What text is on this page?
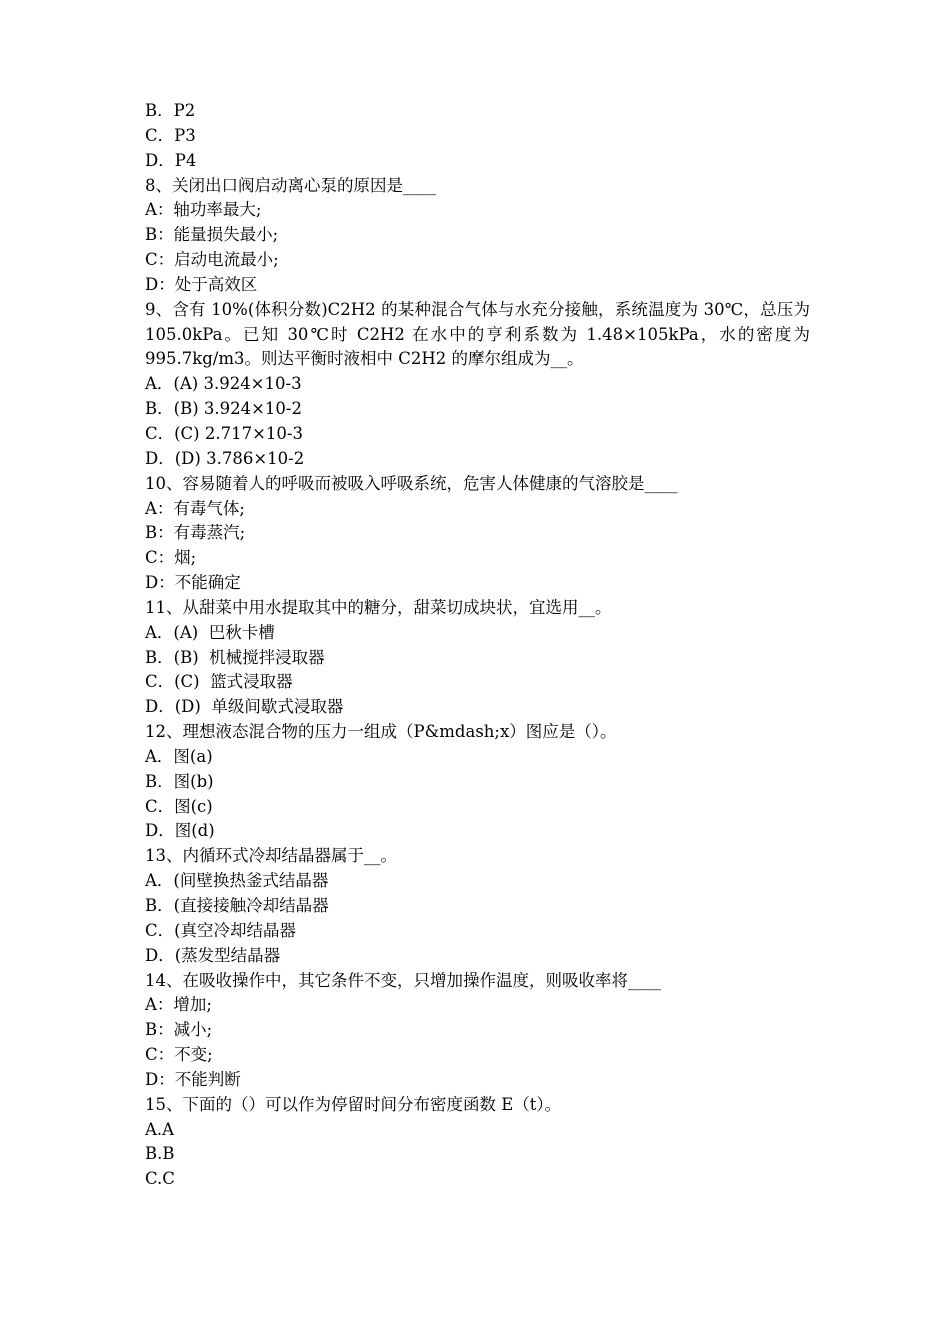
B．P2
C．P3
D．P4
8、关闭出口阀启动离心泵的原因是____
A：轴功率最大;
B：能量损失最小;
C：启动电流最小;
D：处于高效区
9、含有 10%(体积分数)C2H2 的某种混合气体与水充分接触，系统温度为 30℃，总压为 105.0kPa。已知 30℃时 C2H2 在水中的亨利系数为 1.48×105kPa，水的密度为 995.7kg/m3。则达平衡时液相中 C2H2 的摩尔组成为__。
A．(A) 3.924×10-3
B．(B) 3.924×10-2
C．(C) 2.717×10-3
D．(D) 3.786×10-2
10、容易随着人的呼吸而被吸入呼吸系统，危害人体健康的气溶胶是____
A：有毒气体;
B：有毒蒸汽;
C：烟;
D：不能确定
11、从甜菜中用水提取其中的糖分，甜菜切成块状，宜选用__。
A．(A)  巴秋卡槽
B．(B)  机械搅拌浸取器
C．(C)  篮式浸取器
D．(D)  单级间歇式浸取器
12、理想液态混合物的压力一组成（P&mdash;x）图应是（）。
A．图(a)
B．图(b)
C．图(c)
D．图(d)
13、内循环式冷却结晶器属于__。
A．(间壁换热釜式结晶器
B．(直接接触冷却结晶器
C．(真空冷却结晶器
D．(蒸发型结晶器
14、在吸收操作中，其它条件不变，只增加操作温度，则吸收率将____
A：增加;
B：减小;
C：不变;
D：不能判断
15、下面的（）可以作为停留时间分布密度函数 E（t）。
A.A
B.B
C.C
